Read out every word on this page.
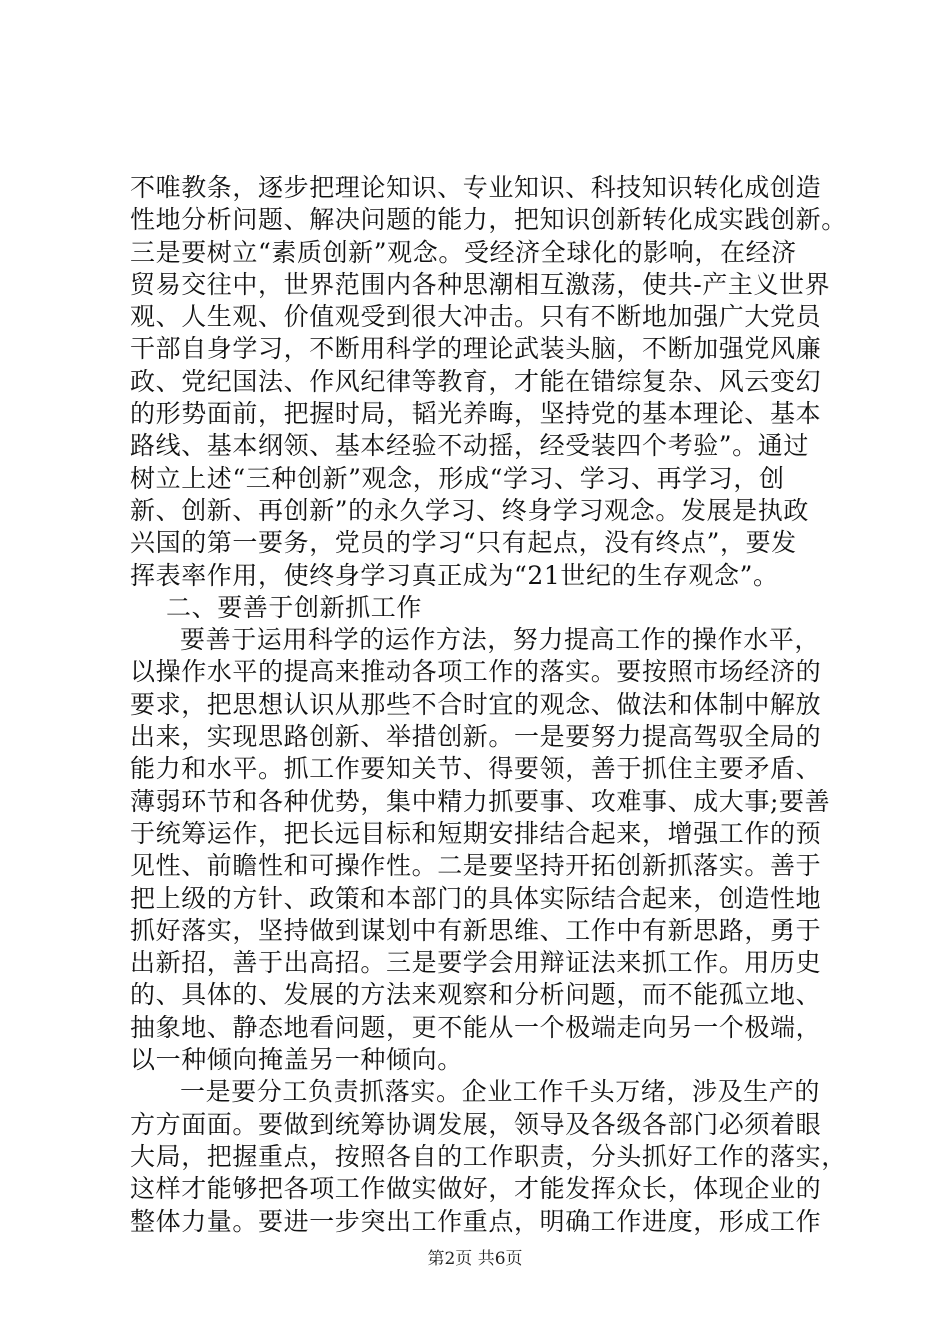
不唯教条，逐步把理论知识、专业知识、科技知识转化成创造
性地分析问题、解决问题的能力，把知识创新转化成实践创新。
三是要树立“素质创新”观念。受经济全球化的影响，在经济
贸易交往中，世界范围内各种思潮相互激荡，使共-产主义世界
观、人生观、价值观受到很大冲击。只有不断地加强广大党员
干部自身学习，不断用科学的理论武装头脑，不断加强党风廉
政、党纪国法、作风纪律等教育，才能在错综复杂、风云变幻
的形势面前，把握时局，韬光养晦，坚持党的基本理论、基本
路线、基本纲领、基本经验不动摇，经受装四个考验”。通过
树立上述“三种创新”观念，形成“学习、学习、再学习，创
新、创新、再创新”的永久学习、终身学习观念。发展是执政
兴国的第一要务，党员的学习“只有起点，没有终点”，要发
挥表率作用，使终身学习真正成为“21世纪的生存观念”。
二、要善于创新抓工作
要善于运用科学的运作方法，努力提高工作的操作水平，
以操作水平的提高来推动各项工作的落实。要按照市场经济的
要求，把思想认识从那些不合时宜的观念、做法和体制中解放
出来，实现思路创新、举措创新。一是要努力提高驾驭全局的
能力和水平。抓工作要知关节、得要领，善于抓住主要矛盾、
薄弱环节和各种优势，集中精力抓要事、攻难事、成大事;要善
于统筹运作，把长远目标和短期安排结合起来，增强工作的预
见性、前瞻性和可操作性。二是要坚持开拓创新抓落实。善于
把上级的方针、政策和本部门的具体实际结合起来，创造性地
抓好落实，坚持做到谋划中有新思维、工作中有新思路，勇于
出新招，善于出高招。三是要学会用辩证法来抓工作。用历史
的、具体的、发展的方法来观察和分析问题，而不能孤立地、
抽象地、静态地看问题，更不能从一个极端走向另一个极端，
以一种倾向掩盖另一种倾向。
一是要分工负责抓落实。企业工作千头万绪，涉及生产的
方方面面。要做到统筹协调发展，领导及各级各部门必须着眼
大局，把握重点，按照各自的工作职责，分头抓好工作的落实，
这样才能够把各项工作做实做好，才能发挥众长，体现企业的
整体力量。要进一步突出工作重点，明确工作进度，形成工作
第2页 共6页
